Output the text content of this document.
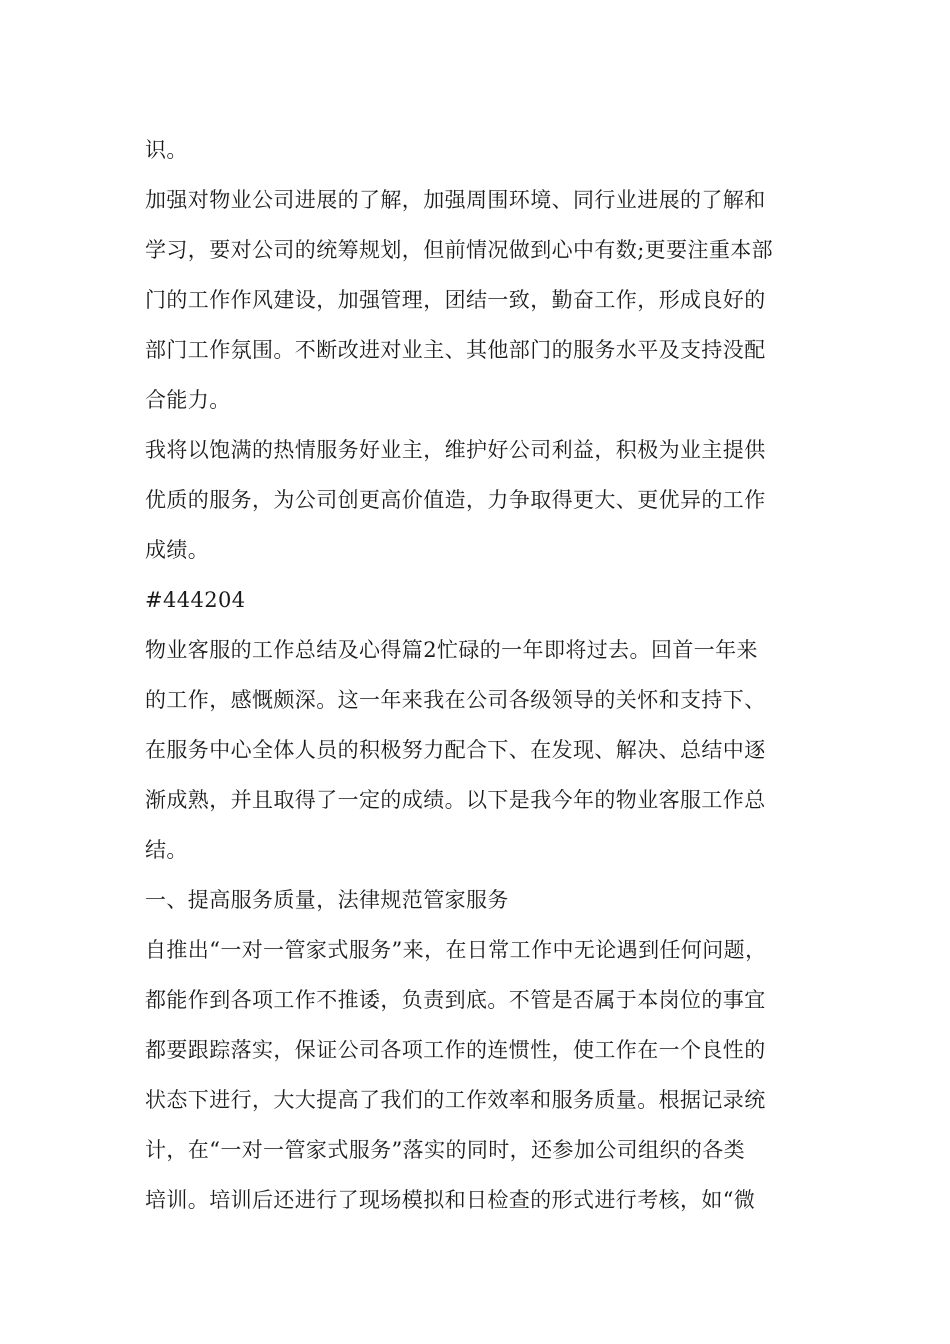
识。
加强对物业公司进展的了解，加强周围环境、同行业进展的了解和
学习，要对公司的统筹规划，但前情况做到心中有数;更要注重本部
门的工作作风建设，加强管理，团结一致，勤奋工作，形成良好的
部门工作氛围。不断改进对业主、其他部门的服务水平及支持没配
合能力。
我将以饱满的热情服务好业主，维护好公司利益，积极为业主提供
优质的服务，为公司创更高价值造，力争取得更大、更优异的工作
成绩。
#444204
物业客服的工作总结及心得篇2忙碌的一年即将过去。回首一年来
的工作，感慨颇深。这一年来我在公司各级领导的关怀和支持下、
在服务中心全体人员的积极努力配合下、在发现、解决、总结中逐
渐成熟，并且取得了一定的成绩。以下是我今年的物业客服工作总
结。
一、提高服务质量，法律规范管家服务
自推出“一对一管家式服务”来，在日常工作中无论遇到任何问题，
都能作到各项工作不推诿，负责到底。不管是否属于本岗位的事宜
都要跟踪落实，保证公司各项工作的连惯性，使工作在一个良性的
状态下进行，大大提高了我们的工作效率和服务质量。根据记录统
计，在“一对一管家式服务”落实的同时，还参加公司组织的各类
培训。培训后还进行了现场模拟和日检查的形式进行考核，如“微
